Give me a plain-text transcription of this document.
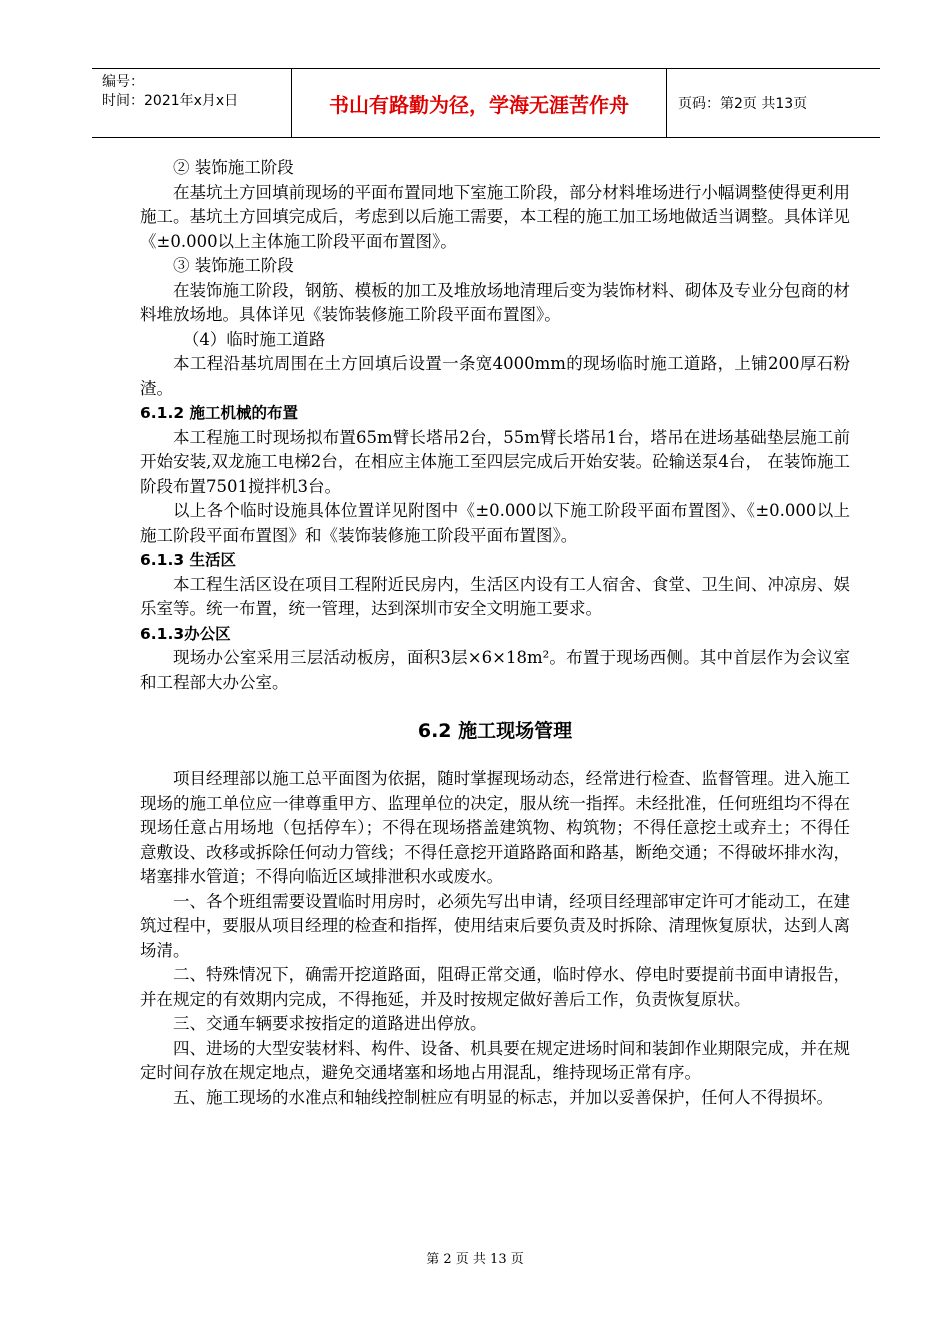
编号：
时间：2021年x月x日	书山有路勤为径，学海无涯苦作舟	页码：第2页 共13页

② 装饰施工阶段

在基坑土方回填前现场的平面布置同地下室施工阶段，部分材料堆场进行小幅调整使得更利用施工。基坑土方回填完成后，考虑到以后施工需要，本工程的施工加工场地做适当调整。具体详见《±0.000以上主体施工阶段平面布置图》。

③ 装饰施工阶段

在装饰施工阶段，钢筋、模板的加工及堆放场地清理后变为装饰材料、砌体及专业分包商的材料堆放场地。具体详见《装饰装修施工阶段平面布置图》。

（4）临时施工道路

本工程沿基坑周围在土方回填后设置一条宽4000mm的现场临时施工道路，上铺200厚石粉渣。

6.1.2 施工机械的布置

本工程施工时现场拟布置65m臂长塔吊2台，55m臂长塔吊1台，塔吊在进场基础垫层施工前开始安装,双龙施工电梯2台，在相应主体施工至四层完成后开始安装。砼输送泵4台， 在装饰施工阶段布置7501搅拌机3台。

以上各个临时设施具体位置详见附图中《±0.000以下施工阶段平面布置图》、《±0.000以上施工阶段平面布置图》和《装饰装修施工阶段平面布置图》。

6.1.3 生活区

本工程生活区设在项目工程附近民房内，生活区内设有工人宿舍、食堂、卫生间、冲凉房、娱乐室等。统一布置，统一管理，达到深圳市安全文明施工要求。

6.1.3办公区

现场办公室采用三层活动板房，面积3层×6×18m²。布置于现场西侧。其中首层作为会议室和工程部大办公室。

6.2 施工现场管理

项目经理部以施工总平面图为依据，随时掌握现场动态，经常进行检查、监督管理。进入施工现场的施工单位应一律尊重甲方、监理单位的决定，服从统一指挥。未经批准，任何班组均不得在现场任意占用场地（包括停车）；不得在现场搭盖建筑物、构筑物；不得任意挖土或弃土；不得任意敷设、改移或拆除任何动力管线；不得任意挖开道路路面和路基，断绝交通；不得破坏排水沟，堵塞排水管道；不得向临近区域排泄积水或废水。

一、各个班组需要设置临时用房时，必须先写出申请，经项目经理部审定许可才能动工，在建筑过程中，要服从项目经理的检查和指挥，使用结束后要负责及时拆除、清理恢复原状，达到人离场清。

二、特殊情况下，确需开挖道路面，阻碍正常交通，临时停水、停电时要提前书面申请报告，并在规定的有效期内完成，不得拖延，并及时按规定做好善后工作，负责恢复原状。

三、交通车辆要求按指定的道路进出停放。

四、进场的大型安装材料、构件、设备、机具要在规定进场时间和装卸作业期限完成，并在规定时间存放在规定地点，避免交通堵塞和场地占用混乱，维持现场正常有序。

五、施工现场的水准点和轴线控制桩应有明显的标志，并加以妥善保护，任何人不得损坏。

第 2 页 共 13 页
